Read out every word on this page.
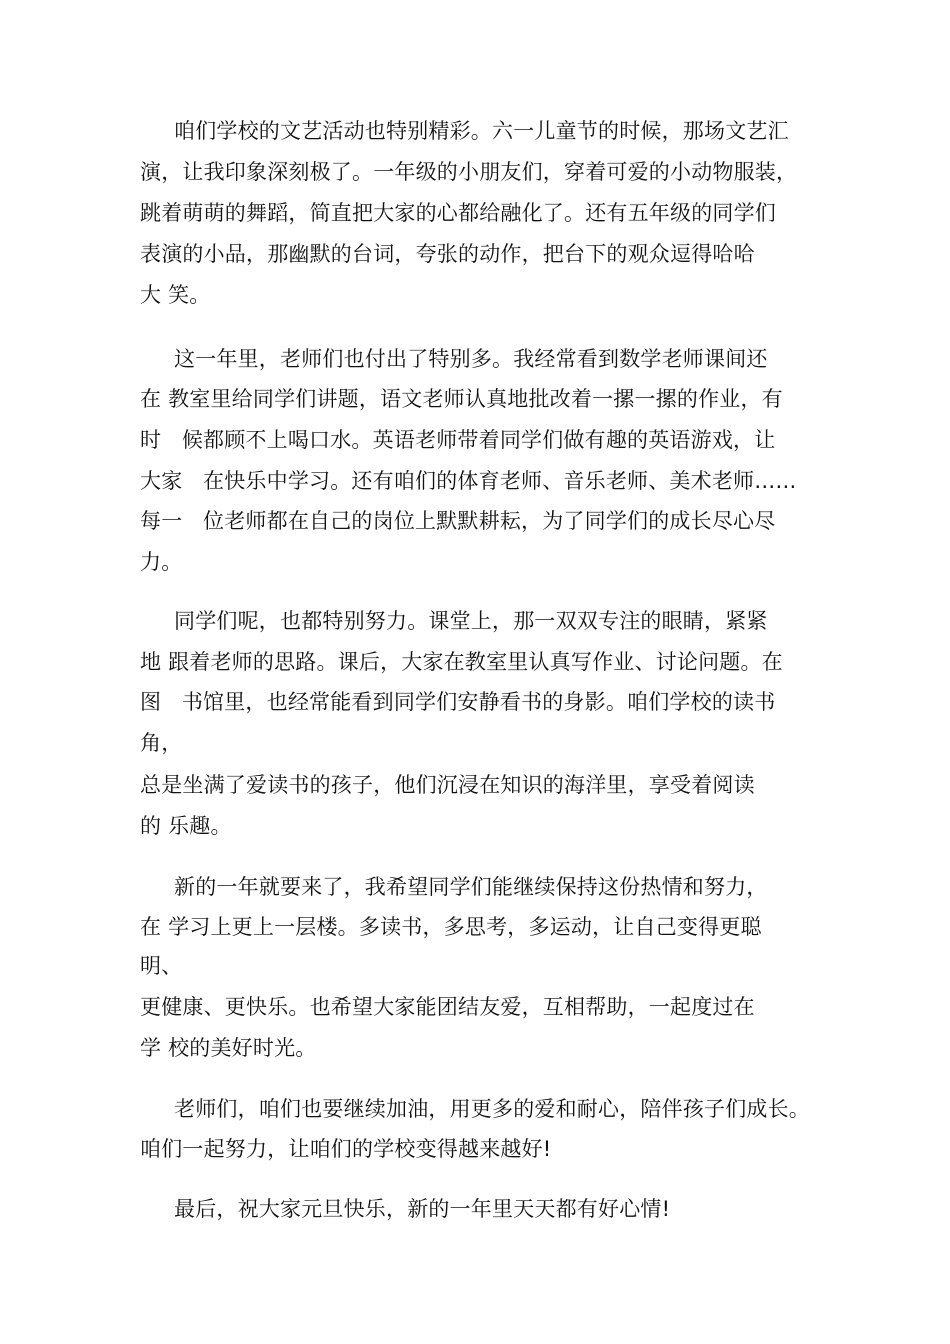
咱们学校的文艺活动也特别精彩。六一儿童节的时候，那场文艺汇
演，让我印象深刻极了。一年级的小朋友们，穿着可爱的小动物服装，
跳着萌萌的舞蹈，简直把大家的心都给融化了。还有五年级的同学们
表演的小品，那幽默的台词，夸张的动作，把台下的观众逗得哈哈
大 笑。
这一年里，老师们也付出了特别多。我经常看到数学老师课间还
在 教室里给同学们讲题，语文老师认真地批改着一摞一摞的作业，有
时   候都顾不上喝口水。英语老师带着同学们做有趣的英语游戏，让
大家   在快乐中学习。还有咱们的体育老师、音乐老师、美术老师……
每一   位老师都在自己的岗位上默默耕耘，为了同学们的成长尽心尽
力。
同学们呢，也都特别努力。课堂上，那一双双专注的眼睛，紧紧
地 跟着老师的思路。课后，大家在教室里认真写作业、讨论问题。在
图   书馆里，也经常能看到同学们安静看书的身影。咱们学校的读书
角，
总是坐满了爱读书的孩子，他们沉浸在知识的海洋里，享受着阅读
的 乐趣。
新的一年就要来了，我希望同学们能继续保持这份热情和努力，
在 学习上更上一层楼。多读书，多思考，多运动，让自己变得更聪
明、
更健康、更快乐。也希望大家能团结友爱，互相帮助，一起度过在
学 校的美好时光。
老师们，咱们也要继续加油，用更多的爱和耐心，陪伴孩子们成长。
咱们一起努力，让咱们的学校变得越来越好!
最后，祝大家元旦快乐，新的一年里天天都有好心情!
